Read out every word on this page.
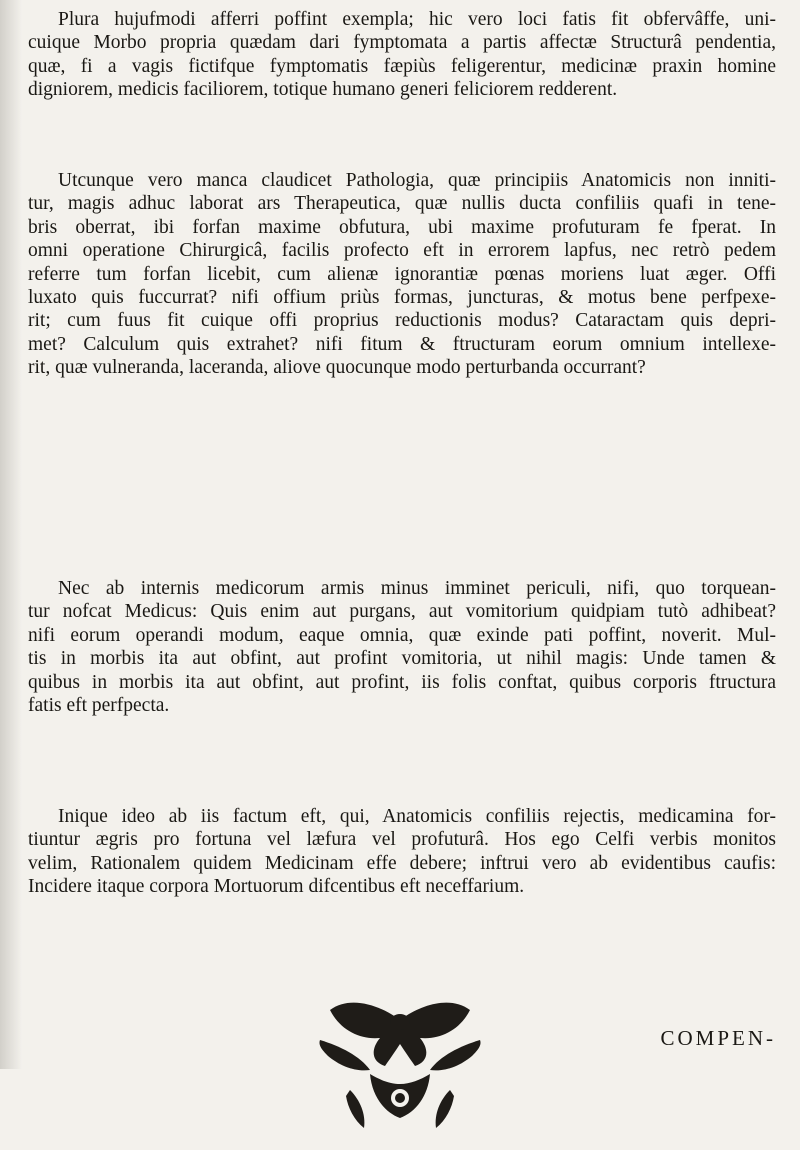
Plura hujufmodi afferri poffint exempla; hic vero loci fatis fit obfervâffe, uni-
cuique Morbo propria quædam dari fymptomata a partis affectæ Structurâ pendentia,
quæ, fi a vagis fictifque fymptomatis fæpiùs feligerentur, medicinæ praxin homine
digniorem, medicis faciliorem, totique humano generi feliciorem redderent.

Utcunque vero manca claudicet Pathologia, quæ principiis Anatomicis non inniti-
tur, magis adhuc laborat ars Therapeutica, quæ nullis ducta confiliis quafi in tene-
bris oberrat, ibi forfan maxime obfutura, ubi maxime profuturam fe fperat. In
omni operatione Chirurgicâ, facilis profecto eft in errorem lapfus, nec retrò pedem
referre tum forfan licebit, cum alienæ ignorantiæ pœnas moriens luat æger. Offi
luxato quis fuccurrat? nifi offium priùs formas, juncturas, & motus bene perfpexe-
rit; cum fuus fit cuique offi proprius reductionis modus? Cataractam quis depri-
met? Calculum quis extrahet? nifi fitum & ftructuram eorum omnium intellexe-
rit, quæ vulneranda, laceranda, aliove quocunque modo perturbanda occurrant?

Nec ab internis medicorum armis minus imminet periculi, nifi, quo torquean-
tur nofcat Medicus: Quis enim aut purgans, aut vomitorium quidpiam tutò adhibeat?
nifi eorum operandi modum, eaque omnia, quæ exinde pati poffint, noverit. Mul-
tis in morbis ita aut obfint, aut profint vomitoria, ut nihil magis: Unde tamen &
quibus in morbis ita aut obfint, aut profint, iis folis conftat, quibus corporis ftructura
fatis eft perfpecta.

Inique ideo ab iis factum eft, qui, Anatomicis confiliis rejectis, medicamina for-
tiuntur ægris pro fortuna vel læfura vel profuturâ. Hos ego Celfi verbis monitos
velim, Rationalem quidem Medicinam effe debere; inftrui vero ab evidentibus caufis:
Incidere itaque corpora Mortuorum difcentibus eft neceffarium.

COMPEN-
